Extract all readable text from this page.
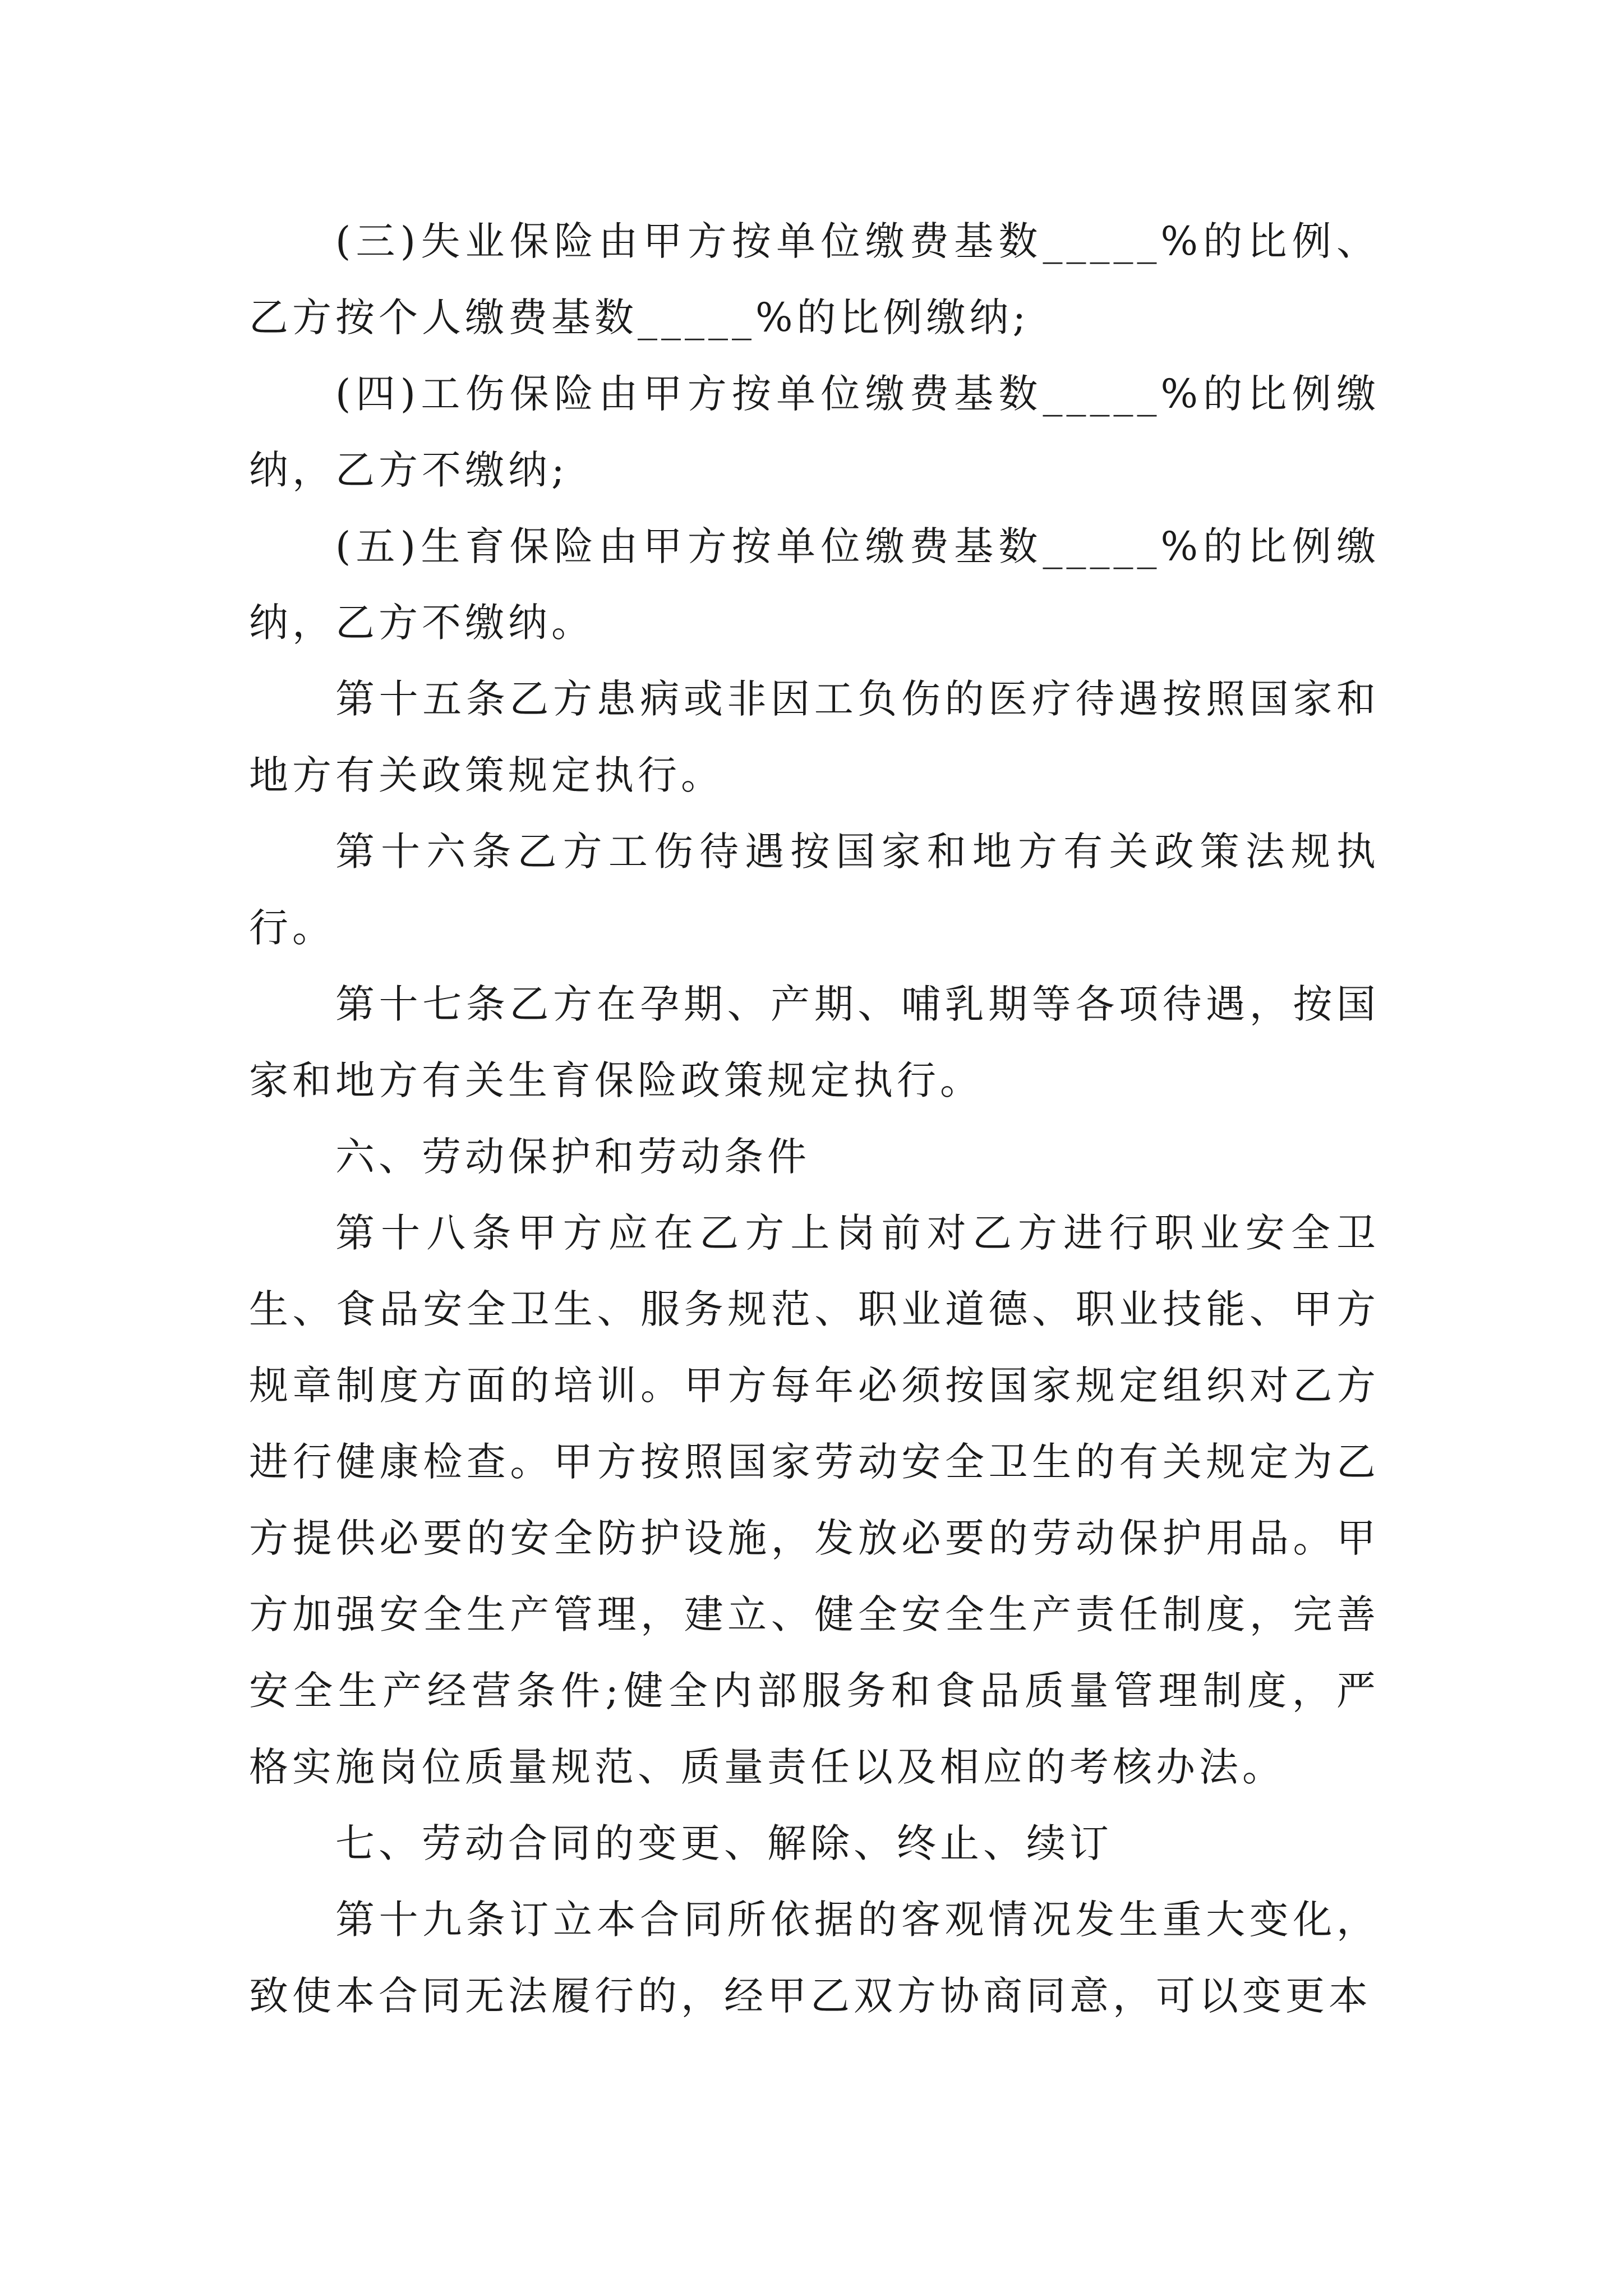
(三)失业保险由甲方按单位缴费基数_____%的比例、乙方按个人缴费基数_____%的比例缴纳;

(四)工伤保险由甲方按单位缴费基数_____%的比例缴纳，乙方不缴纳;

(五)生育保险由甲方按单位缴费基数_____%的比例缴纳，乙方不缴纳。

第十五条乙方患病或非因工负伤的医疗待遇按照国家和地方有关政策规定执行。

第十六条乙方工伤待遇按国家和地方有关政策法规执行。

第十七条乙方在孕期、产期、哺乳期等各项待遇，按国家和地方有关生育保险政策规定执行。

六、劳动保护和劳动条件

第十八条甲方应在乙方上岗前对乙方进行职业安全卫生、食品安全卫生、服务规范、职业道德、职业技能、甲方规章制度方面的培训。甲方每年必须按国家规定组织对乙方进行健康检查。甲方按照国家劳动安全卫生的有关规定为乙方提供必要的安全防护设施，发放必要的劳动保护用品。甲方加强安全生产管理，建立、健全安全生产责任制度，完善安全生产经营条件;健全内部服务和食品质量管理制度，严格实施岗位质量规范、质量责任以及相应的考核办法。

七、劳动合同的变更、解除、终止、续订

第十九条订立本合同所依据的客观情况发生重大变化，致使本合同无法履行的，经甲乙双方协商同意，可以变更本
